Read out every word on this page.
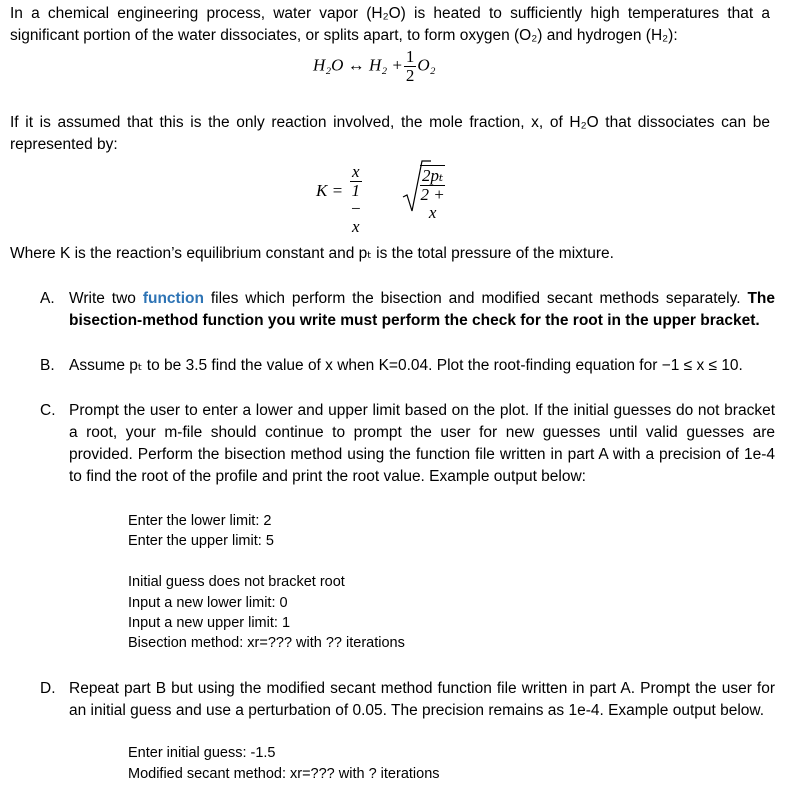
In a chemical engineering process, water vapor (H₂O) is heated to sufficiently high temperatures that a significant portion of the water dissociates, or splits apart, to form oxygen (O₂) and hydrogen (H₂):
H₂O ↔ $H_2 + \frac{1}{2} O_2$
If it is assumed that this is the only reaction involved, the mole fraction, x, of H₂O that dissociates can be represented by:
$K = \frac{x}{1 - x}$	$\frac{\text{2pₜ}}{2 + x}$
Where K is the reaction’s equilibrium constant and pₜ is the total pressure of the mixture.
A. Write two function files which perform the bisection and modified secant methods separately. The bisection-method function you write must perform the check for the root in the upper bracket.
B. Assume pₜ to be 3.5 find the value of x when K=0.04. Plot the root-finding equation for −1 ≤ x ≤ 10.
C. Prompt the user to enter a lower and upper limit based on the plot. If the initial guesses do not bracket a root, your m-file should continue to prompt the user for new guesses until valid guesses are provided. Perform the bisection method using the function file written in part A with a precision of 1e-4 to find the root of the profile and print the root value. Example output below:
Enter the lower limit: 2
Enter the upper limit: 5
Initial guess does not bracket root
Input a new lower limit: 0
Input a new upper limit: 1
Bisection method: xr=??? with ?? iterations
D. Repeat part B but using the modified secant method function file written in part A. Prompt the user for an initial guess and use a perturbation of 0.05. The precision remains as 1e-4. Example output below.
Enter initial guess: -1.5
Modified secant method: xr=??? with ? iterations
